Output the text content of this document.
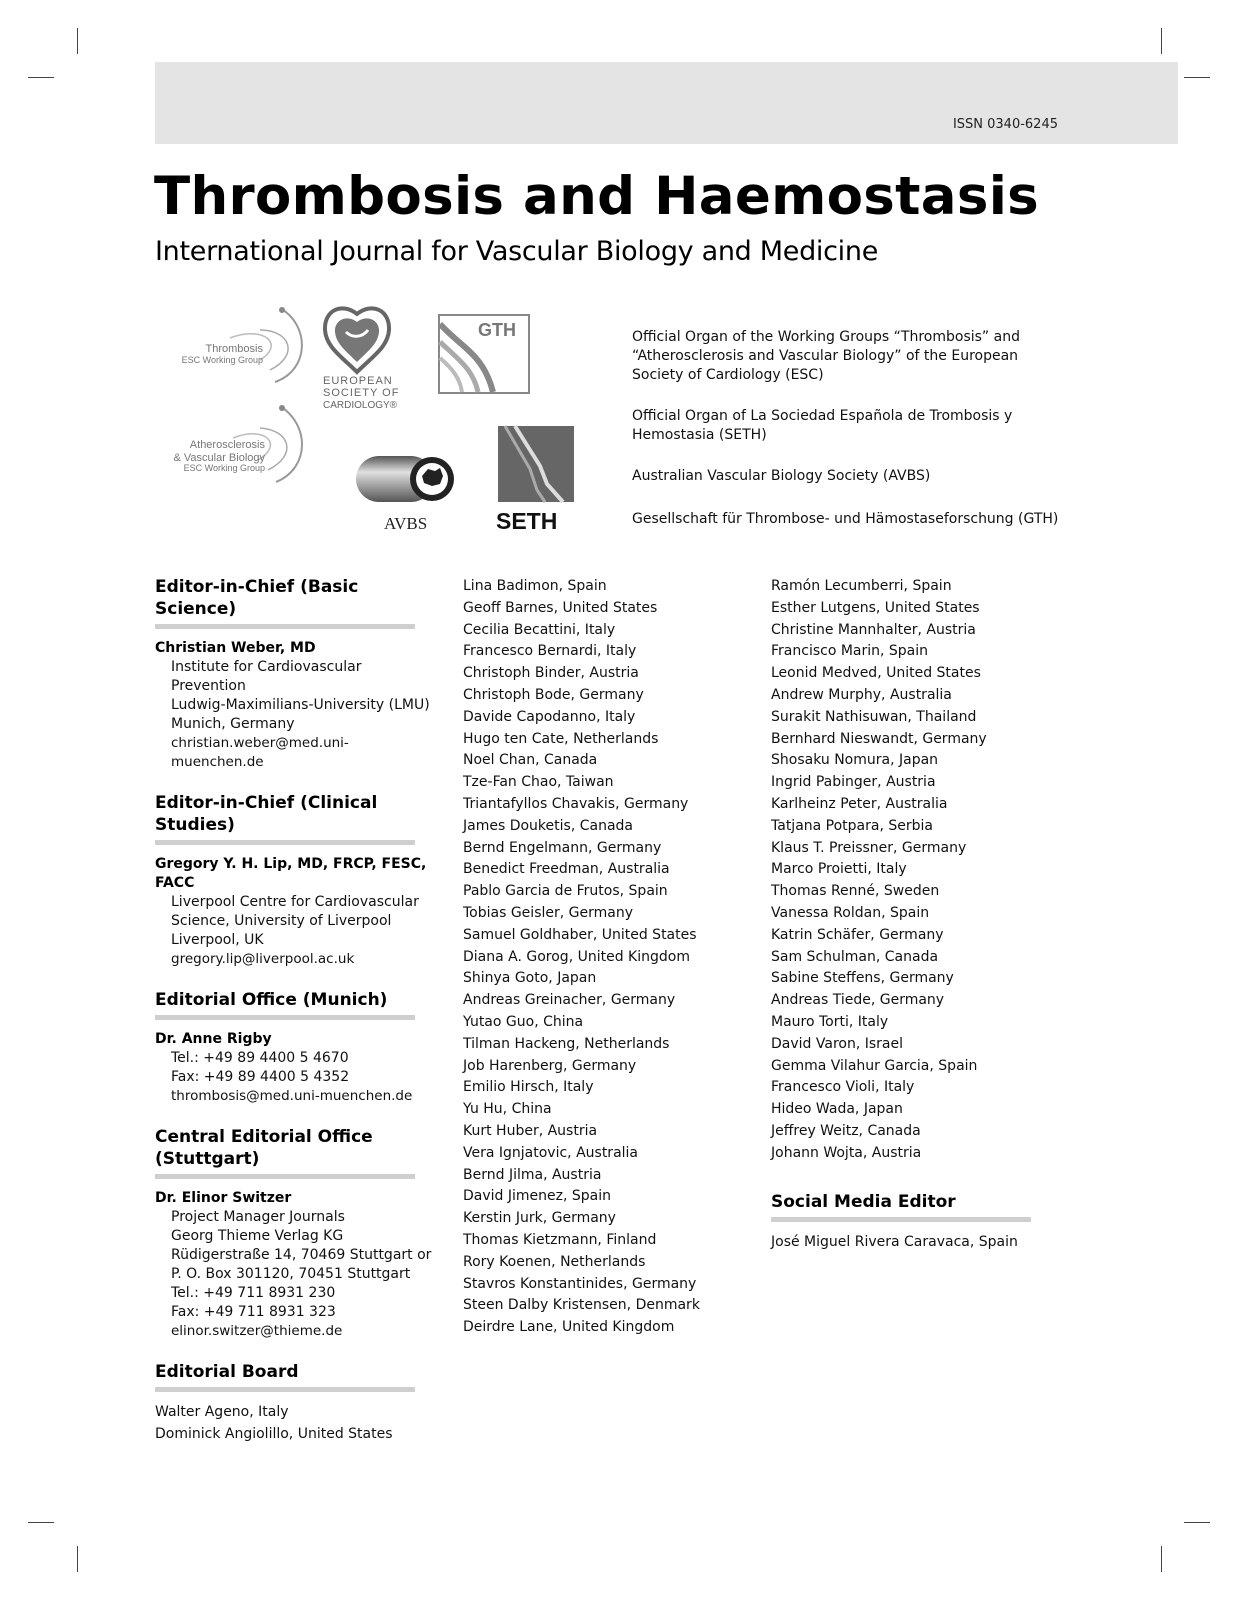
ISSN 0340-6245
Thrombosis and Haemostasis
International Journal for Vascular Biology and Medicine
Thrombosis
ESC Working Group
EUROPEAN
SOCIETY OF
CARDIOLOGY®
GTH
Atherosclerosis
& Vascular Biology
ESC Working Group
AVBS	SETH

Official Organ of the Working Groups “Thrombosis” and “Atherosclerosis and Vascular Biology” of the European Society of Cardiology (ESC)

Official Organ of La Sociedad Española de Trombosis y Hemostasia (SETH)

Australian Vascular Biology Society (AVBS)

Gesellschaft für Thrombose- und Hämostaseforschung (GTH)

Editor-in-Chief (Basic Science)
Christian Weber, MD
Institute for Cardiovascular Prevention
Ludwig-Maximilians-University (LMU)
Munich, Germany
christian.weber@med.uni-muenchen.de
Editor-in-Chief (Clinical Studies)
Gregory Y. H. Lip, MD, FRCP, FESC, FACC
Liverpool Centre for Cardiovascular
Science, University of Liverpool
Liverpool, UK
gregory.lip@liverpool.ac.uk
Editorial Office (Munich)
Dr. Anne Rigby
Tel.: +49 89 4400 5 4670
Fax: +49 89 4400 5 4352
thrombosis@med.uni-muenchen.de
Central Editorial Office
(Stuttgart)
Dr. Elinor Switzer
Project Manager Journals
Georg Thieme Verlag KG
Rüdigerstraße 14, 70469 Stuttgart or
P. O. Box 301120, 70451 Stuttgart
Tel.: +49 711 8931 230
Fax: +49 711 8931 323
elinor.switzer@thieme.de
Editorial Board
Walter Ageno, Italy
Dominick Angiolillo, United States
Lina Badimon, Spain
Geoff Barnes, United States
Cecilia Becattini, Italy
Francesco Bernardi, Italy
Christoph Binder, Austria
Christoph Bode, Germany
Davide Capodanno, Italy
Hugo ten Cate, Netherlands
Noel Chan, Canada
Tze-Fan Chao, Taiwan
Triantafyllos Chavakis, Germany
James Douketis, Canada
Bernd Engelmann, Germany
Benedict Freedman, Australia
Pablo Garcia de Frutos, Spain
Tobias Geisler, Germany
Samuel Goldhaber, United States
Diana A. Gorog, United Kingdom
Shinya Goto, Japan
Andreas Greinacher, Germany
Yutao Guo, China
Tilman Hackeng, Netherlands
Job Harenberg, Germany
Emilio Hirsch, Italy
Yu Hu, China
Kurt Huber, Austria
Vera Ignjatovic, Australia
Bernd Jilma, Austria
David Jimenez, Spain
Kerstin Jurk, Germany
Thomas Kietzmann, Finland
Rory Koenen, Netherlands
Stavros Konstantinides, Germany
Steen Dalby Kristensen, Denmark
Deirdre Lane, United Kingdom
Ramón Lecumberri, Spain
Esther Lutgens, United States
Christine Mannhalter, Austria
Francisco Marin, Spain
Leonid Medved, United States
Andrew Murphy, Australia
Surakit Nathisuwan, Thailand
Bernhard Nieswandt, Germany
Shosaku Nomura, Japan
Ingrid Pabinger, Austria
Karlheinz Peter, Australia
Tatjana Potpara, Serbia
Klaus T. Preissner, Germany
Marco Proietti, Italy
Thomas Renné, Sweden
Vanessa Roldan, Spain
Katrin Schäfer, Germany
Sam Schulman, Canada
Sabine Steffens, Germany
Andreas Tiede, Germany
Mauro Torti, Italy
David Varon, Israel
Gemma Vilahur Garcia, Spain
Francesco Violi, Italy
Hideo Wada, Japan
Jeffrey Weitz, Canada
Johann Wojta, Austria
Social Media Editor
José Miguel Rivera Caravaca, Spain
